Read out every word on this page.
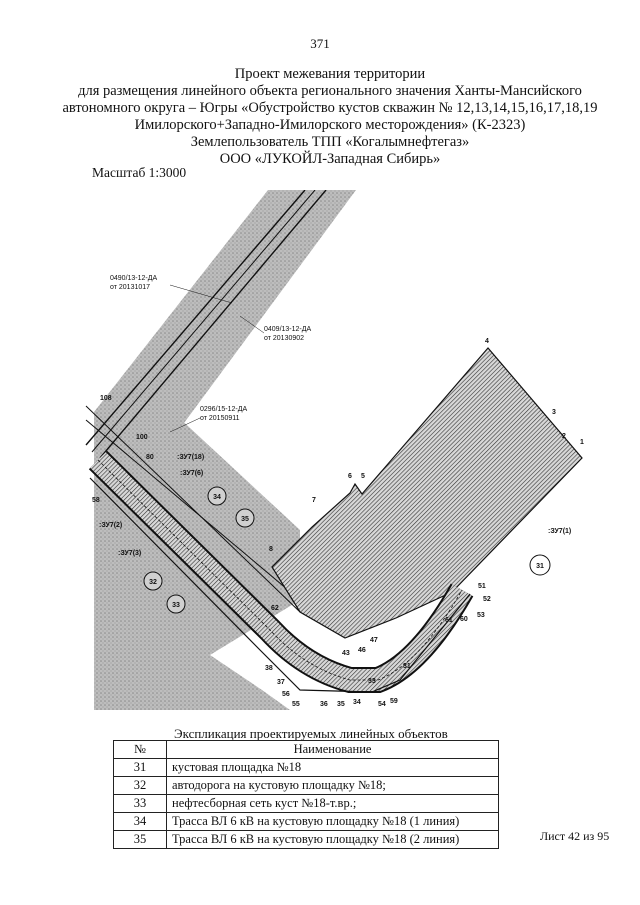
371
Проект межевания территории
для размещения линейного объекта регионального значения Ханты-Мансийского
автономного округа – Югры «Обустройство кустов скважин № 12,13,14,15,16,17,18,19
Имилорского+Западно-Имилорского месторождения» (К-2323)
Землепользователь ТПП «Когалымнефтегаз»
ООО «ЛУКОЙЛ-Западная Сибирь»
Масштаб 1:3000
0490/13-12-ДА
от 20131017
0409/13-12-ДА
от 20130902
0296/15-12-ДА
от 20150911
:ЗУ7(18)
:ЗУ7(6)
:ЗУ7(2)
:ЗУ7(3)
:ЗУ7(1)
31
32
33
34
35
1
2
3
4
5
6
7
8
31
33
34
35
36
37
38
43 46
47
51
52
53
54
55
56
58
59
60
61
62
80
100
108
Экспликация проектируемых линейных объектов
№	Наименование
31	кустовая площадка №18
32	автодорога на кустовую площадку №18;
33	нефтесборная сеть куст №18-т.вр.;
34	Трасса ВЛ 6 кВ на кустовую площадку №18 (1 линия)
35	Трасса ВЛ 6 кВ на кустовую площадку №18 (2 линия)	Лист 42 из 95
